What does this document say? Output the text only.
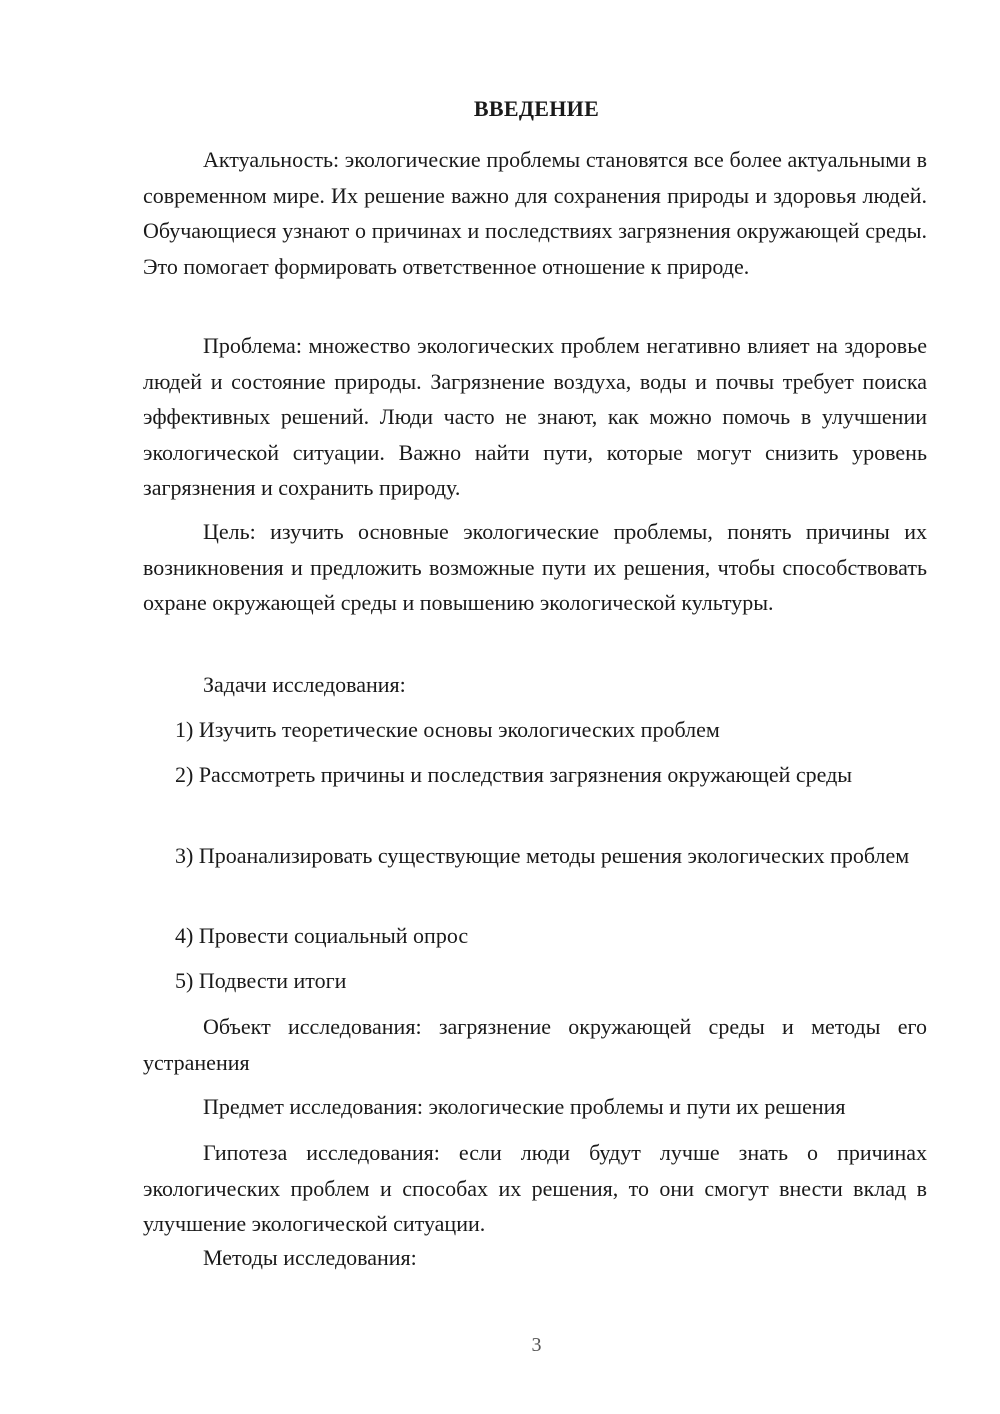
ВВЕДЕНИЕ
Актуальность: экологические проблемы становятся все более актуальными в современном мире. Их решение важно для сохранения природы и здоровья людей. Обучающиеся узнают о причинах и последствиях загрязнения окружающей среды. Это помогает формировать ответственное отношение к природе.
Проблема: множество экологических проблем негативно влияет на здоровье людей и состояние природы. Загрязнение воздуха, воды и почвы требует поиска эффективных решений. Люди часто не знают, как можно помочь в улучшении экологической ситуации. Важно найти пути, которые могут снизить уровень загрязнения и сохранить природу.
Цель: изучить основные экологические проблемы, понять причины их возникновения и предложить возможные пути их решения, чтобы способствовать охране окружающей среды и повышению экологической культуры.
Задачи исследования:
1) Изучить теоретические основы экологических проблем
2) Рассмотреть причины и последствия загрязнения окружающей среды
3) Проанализировать существующие методы решения экологических проблем
4) Провести социальный опрос
5) Подвести итоги
Объект исследования: загрязнение окружающей среды и методы его устранения
Предмет исследования: экологические проблемы и пути их решения
Гипотеза исследования: если люди будут лучше знать о причинах экологических проблем и способах их решения, то они смогут внести вклад в улучшение экологической ситуации.
Методы исследования:
3
